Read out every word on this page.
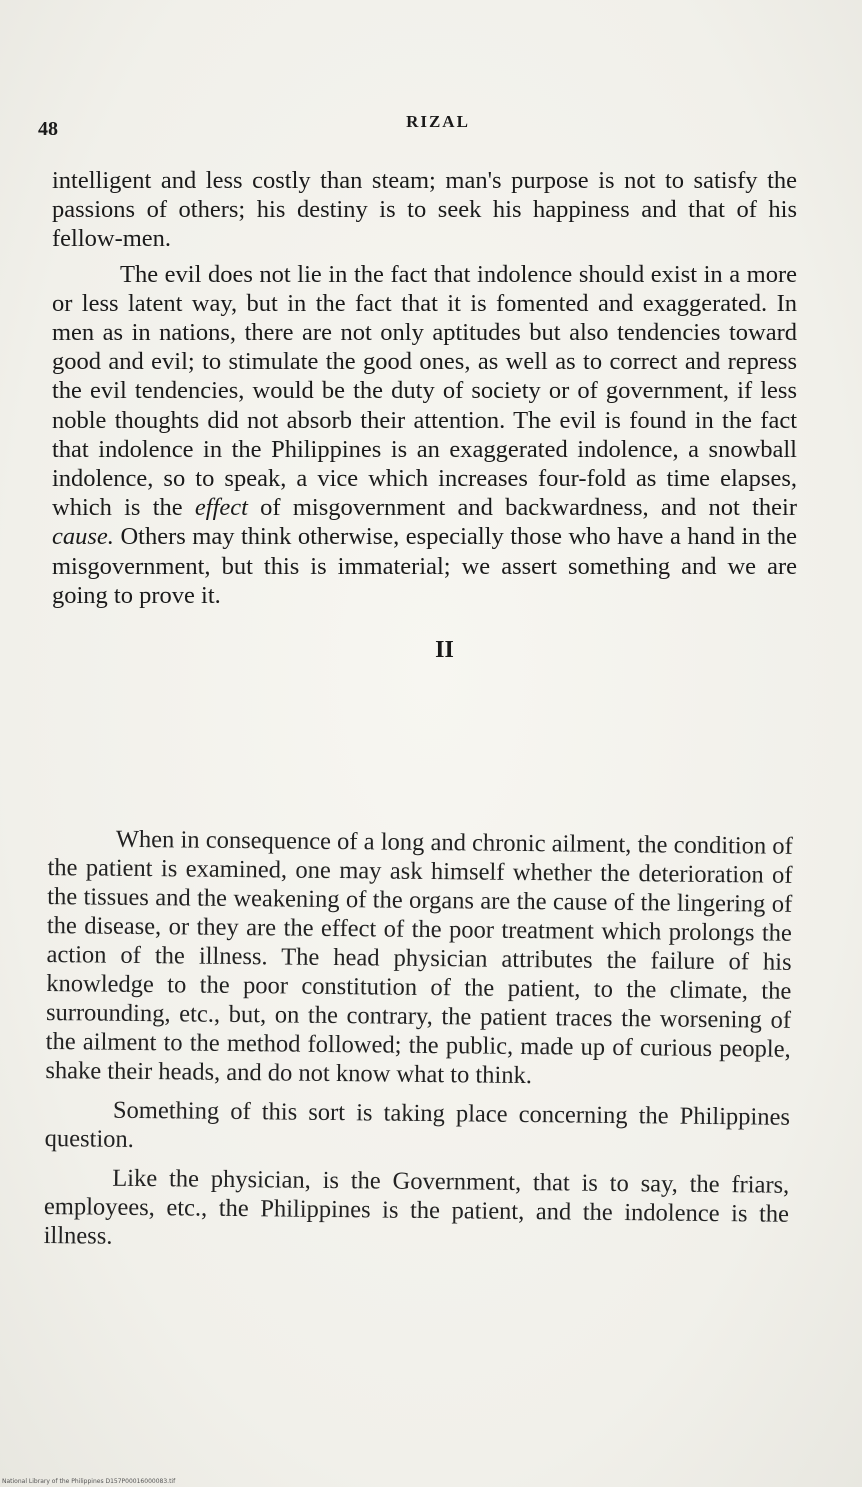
48	RIZAL

intelligent and less costly than steam; man's purpose is not to satisfy the passions of others; his destiny is to seek his happiness and that of his fellow-men.

The evil does not lie in the fact that indolence should exist in a more or less latent way, but in the fact that it is fomented and exaggerated. In men as in nations, there are not only aptitudes but also tendencies toward good and evil; to stimulate the good ones, as well as to correct and repress the evil tendencies, would be the duty of society or of government, if less noble thoughts did not absorb their attention. The evil is found in the fact that indolence in the Philippines is an exaggerated indolence, a snowball indolence, so to speak, a vice which increases four-fold as time elapses, which is the effect of misgovernment and backwardness, and not their cause. Others may think otherwise, especially those who have a hand in the misgovernment, but this is immaterial; we assert something and we are going to prove it.

II

When in consequence of a long and chronic ailment, the condition of the patient is examined, one may ask himself whether the deterioration of the tissues and the weakening of the organs are the cause of the lingering of the disease, or they are the effect of the poor treatment which prolongs the action of the illness. The head physician attributes the failure of his knowledge to the poor constitution of the patient, to the climate, the surrounding, etc., but, on the contrary, the patient traces the worsening of the ailment to the method followed; the public, made up of curious people, shake their heads, and do not know what to think.

Something of this sort is taking place concerning the Philippines question.

Like the physician, is the Government, that is to say, the friars, employees, etc., the Philippines is the patient, and the indolence is the illness.

National Library of the Philippines D157P00016000083.tif
